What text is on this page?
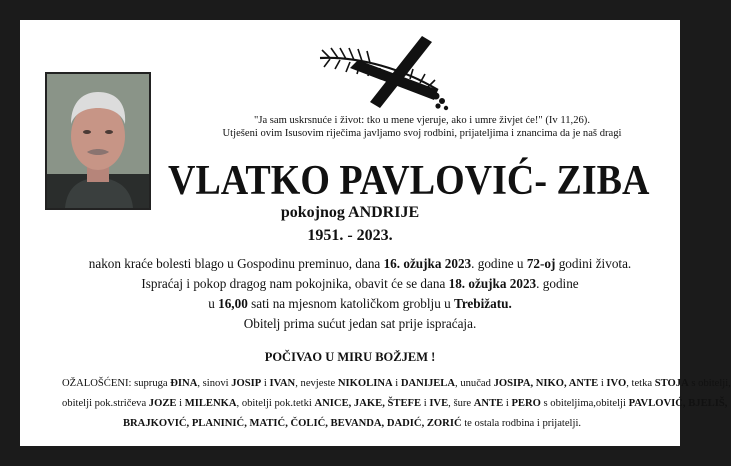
"Ja sam uskrsnuće i život: tko u mene vjeruje, ako i umre živjet će!" (Iv 11,26).
Utješeni ovim Isusovim riječima javljamo svoj rodbini, prijateljima i znancima da je naš dragi
VLATKO PAVLOVIĆ- ZIBA
pokojnog ANDRIJE
1951. - 2023.
nakon kraće bolesti blago u Gospodinu preminuo, dana 16. ožujka 2023. godine u 72-oj godini života.
Ispraćaj i pokop dragog nam pokojnika, obavit će se dana 18. ožujka 2023. godine
u 16,00 sati na mjesnom katoličkom groblju u Trebižatu.
Obitelj prima sućut jedan sat prije ispraćaja.
POČIVAO U MIRU BOŽJEM !
OŽALOŠĆENI: supruga ĐINA, sinovi JOSIP i IVAN, nevjeste NIKOLINA i DANIJELA, unučad JOSIPA, NIKO, ANTE i IVO, tetka STOJA s obitelji,
obitelji pok.stričeva JOZE i MILENKA, obitelji pok.tetki ANICE, JAKE, ŠTEFE i IVE, šure ANTE i PERO s obiteljima,obitelji PAVLOVIĆ, BJELIŠ,
BRAJKOVIĆ, PLANINIĆ, MATIĆ, ČOLIĆ, BEVANDA, DADIĆ, ZORIĆ te ostala rodbina i prijatelji.
